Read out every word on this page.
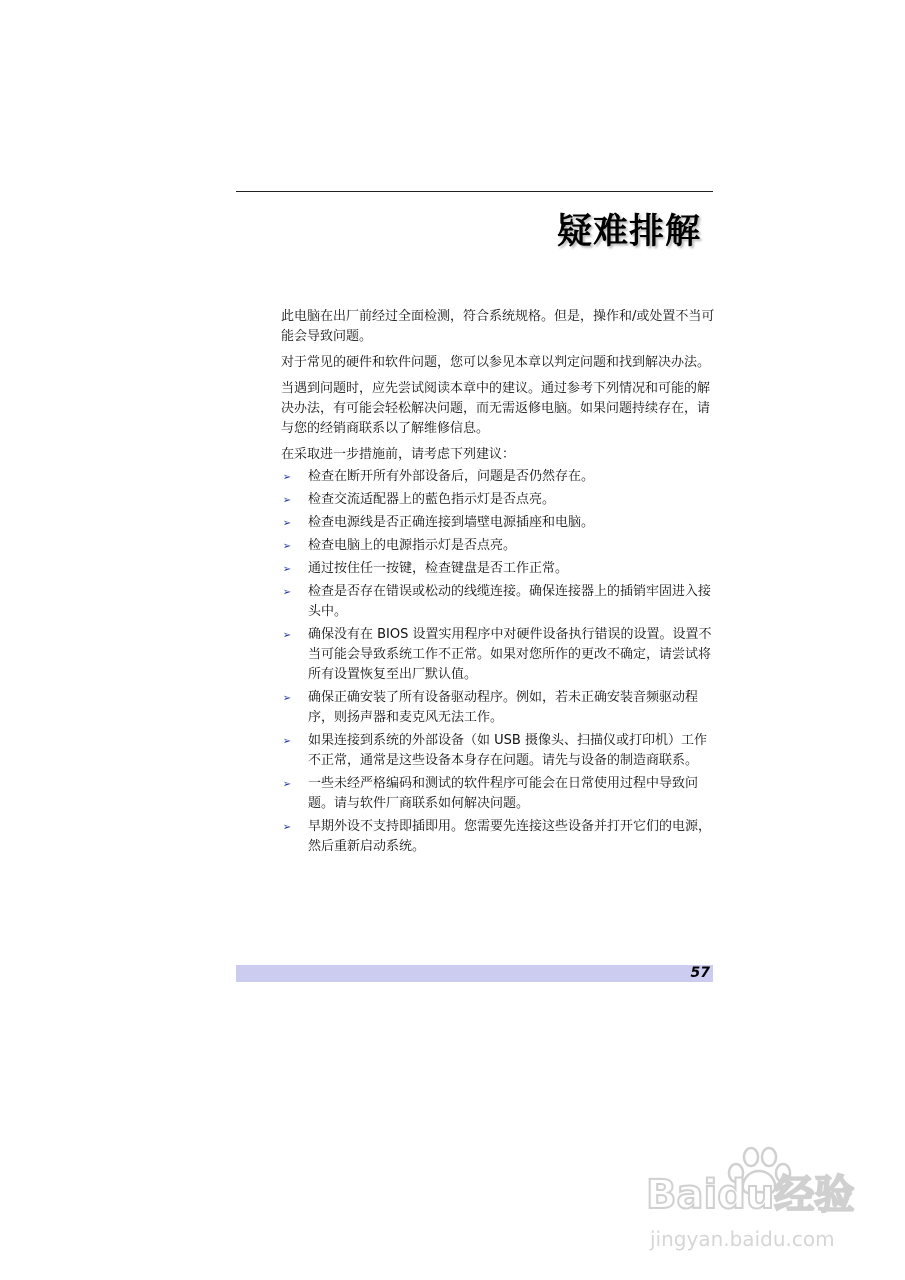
疑难排解

此电脑在出厂前经过全面检测，符合系统规格。但是，操作和/或处置不当可能会导致问题。

对于常见的硬件和软件问题，您可以参见本章以判定问题和找到解决办法。

当遇到问题时，应先尝试阅读本章中的建议。通过参考下列情况和可能的解决办法，有可能会轻松解决问题，而无需返修电脑。如果问题持续存在，请与您的经销商联系以了解维修信息。

在采取进一步措施前，请考虑下列建议：

➢ 检查在断开所有外部设备后，问题是否仍然存在。
➢ 检查交流适配器上的藍色指示灯是否点亮。
➢ 检查电源线是否正确连接到墙壁电源插座和电脑。
➢ 检查电脑上的电源指示灯是否点亮。
➢ 通过按住任一按键，检查键盘是否工作正常。
➢ 检查是否存在错误或松动的线缆连接。确保连接器上的插销牢固进入接头中。
➢ 确保没有在 BIOS 设置实用程序中对硬件设备执行错误的设置。设置不当可能会导致系统工作不正常。如果对您所作的更改不确定，请尝试将所有设置恢复至出厂默认值。
➢ 确保正确安装了所有设备驱动程序。例如，若未正确安装音频驱动程序，则扬声器和麦克风无法工作。
➢ 如果连接到系统的外部设备（如 USB 摄像头、扫描仪或打印机）工作不正常，通常是这些设备本身存在问题。请先与设备的制造商联系。
➢ 一些未经严格编码和测试的软件程序可能会在日常使用过程中导致问题。请与软件厂商联系如何解决问题。
➢ 早期外设不支持即插即用。您需要先连接这些设备并打开它们的电源，然后重新启动系统。
57
Baidu经验
jingyan.baidu.com
